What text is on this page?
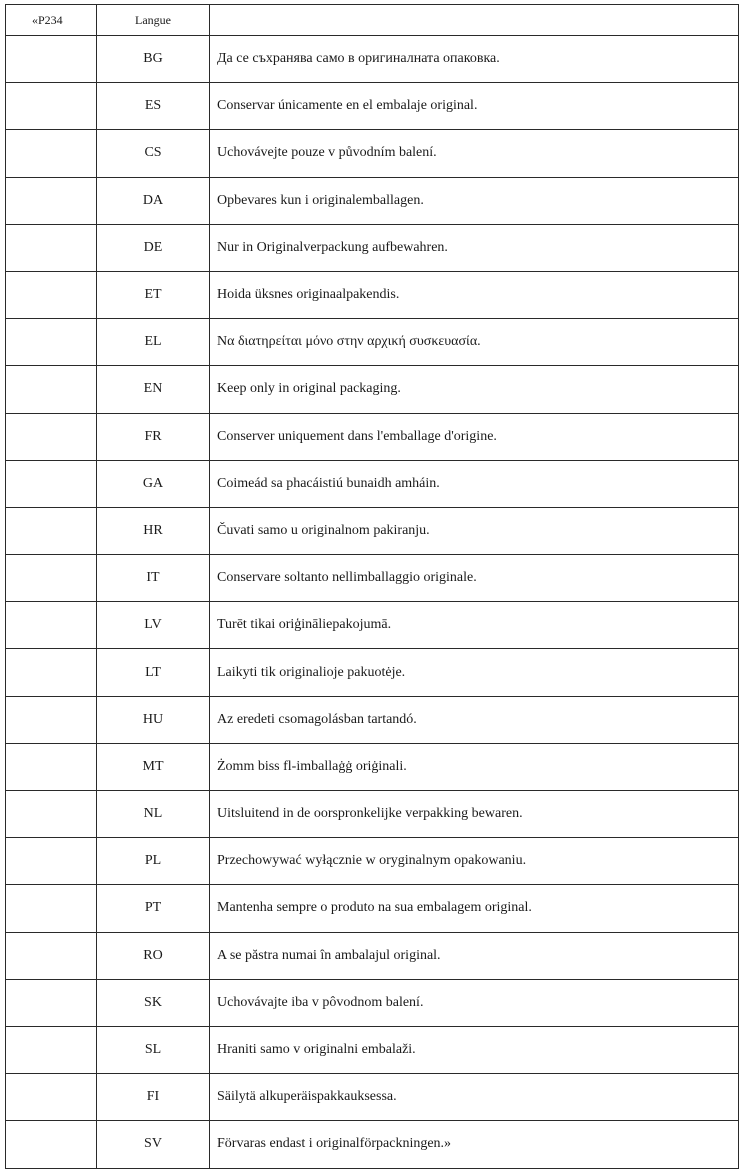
«P234	Langue	
	BG	Да се съхранява само в оригиналната опаковка.
	ES	Conservar únicamente en el embalaje original.
	CS	Uchovávejte pouze v původním balení.
	DA	Opbevares kun i originalemballagen.
	DE	Nur in Originalverpackung aufbewahren.
	ET	Hoida üksnes originaalpakendis.
	EL	Να διατηρείται μόνο στην αρχική συσκευασία.
	EN	Keep only in original packaging.
	FR	Conserver uniquement dans l'emballage d'origine.
	GA	Coimeád sa phacáistiú bunaidh amháin.
	HR	Čuvati samo u originalnom pakiranju.
	IT	Conservare soltanto nellimballaggio originale.
	LV	Turēt tikai oriģināliepakojumā.
	LT	Laikyti tik originalioje pakuotėje.
	HU	Az eredeti csomagolásban tartandó.
	MT	Żomm biss fl-imballaġġ oriġinali.
	NL	Uitsluitend in de oorspronkelijke verpakking bewaren.
	PL	Przechowywać wyłącznie w oryginalnym opakowaniu.
	PT	Mantenha sempre o produto na sua embalagem original.
	RO	A se păstra numai în ambalajul original.
	SK	Uchovávajte iba v pôvodnom balení.
	SL	Hraniti samo v originalni embalaži.
	FI	Säilytä alkuperäispakkauksessa.
	SV	Förvaras endast i originalförpackningen.»
